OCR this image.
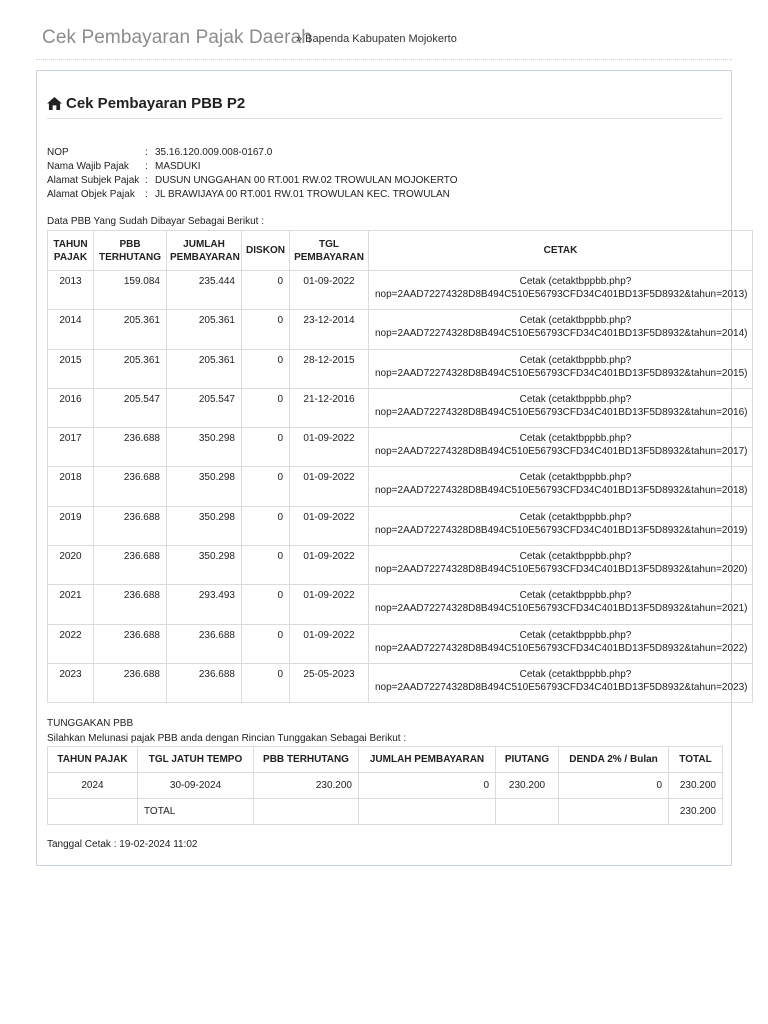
Cek Pembayaran Pajak Daerah
» Bapenda Kabupaten Mojokerto
Cek Pembayaran PBB P2
NOP	: 35.16.120.009.008-0167.0
Nama Wajib Pajak	: MASDUKI
Alamat Subjek Pajak : DUSUN UNGGAHAN 00 RT.001 RW.02 TROWULAN MOJOKERTO
Alamat Objek Pajak	: JL BRAWIJAYA 00 RT.001 RW.01 TROWULAN KEC. TROWULAN
Data PBB Yang Sudah Dibayar Sebagai Berikut :
TAHUN PAJAK	PBB TERHUTANG	JUMLAH PEMBAYARAN	DISKON	TGL PEMBAYARAN	CETAK
2013	159.084	235.444	0	01-09-2022	Cetak (cetaktbppbb.php?
nop=2AAD72274328D8B494C510E56793CFD34C401BD13F5D8932&tahun=2013)

2014	205.361	205.361	0	23-12-2014	Cetak (cetaktbppbb.php?
nop=2AAD72274328D8B494C510E56793CFD34C401BD13F5D8932&tahun=2014)

2015	205.361	205.361	0	28-12-2015	Cetak (cetaktbppbb.php?
nop=2AAD72274328D8B494C510E56793CFD34C401BD13F5D8932&tahun=2015)

2016	205.547	205.547	0	21-12-2016	Cetak (cetaktbppbb.php?
nop=2AAD72274328D8B494C510E56793CFD34C401BD13F5D8932&tahun=2016)

2017	236.688	350.298	0	01-09-2022	Cetak (cetaktbppbb.php?
nop=2AAD72274328D8B494C510E56793CFD34C401BD13F5D8932&tahun=2017)

2018	236.688	350.298	0	01-09-2022	Cetak (cetaktbppbb.php?
nop=2AAD72274328D8B494C510E56793CFD34C401BD13F5D8932&tahun=2018)

2019	236.688	350.298	0	01-09-2022	Cetak (cetaktbppbb.php?
nop=2AAD72274328D8B494C510E56793CFD34C401BD13F5D8932&tahun=2019)

2020	236.688	350.298	0	01-09-2022	Cetak (cetaktbppbb.php?
nop=2AAD72274328D8B494C510E56793CFD34C401BD13F5D8932&tahun=2020)

2021	236.688	293.493	0	01-09-2022	Cetak (cetaktbppbb.php?
nop=2AAD72274328D8B494C510E56793CFD34C401BD13F5D8932&tahun=2021)

2022	236.688	236.688	0	01-09-2022	Cetak (cetaktbppbb.php?
nop=2AAD72274328D8B494C510E56793CFD34C401BD13F5D8932&tahun=2022)

2023	236.688	236.688	0	25-05-2023	Cetak (cetaktbppbb.php?
nop=2AAD72274328D8B494C510E56793CFD34C401BD13F5D8932&tahun=2023)
TUNGGAKAN PBB
Silahkan Melunasi pajak PBB anda dengan Rincian Tunggakan Sebagai Berikut :
TAHUN PAJAK	TGL JATUH TEMPO	PBB TERHUTANG	JUMLAH PEMBAYARAN	PIUTANG	DENDA 2% / Bulan	TOTAL
2024	30-09-2024	230.200	0	230.200	0	230.200
	TOTAL					230.200
Tanggal Cetak : 19-02-2024 11:02
